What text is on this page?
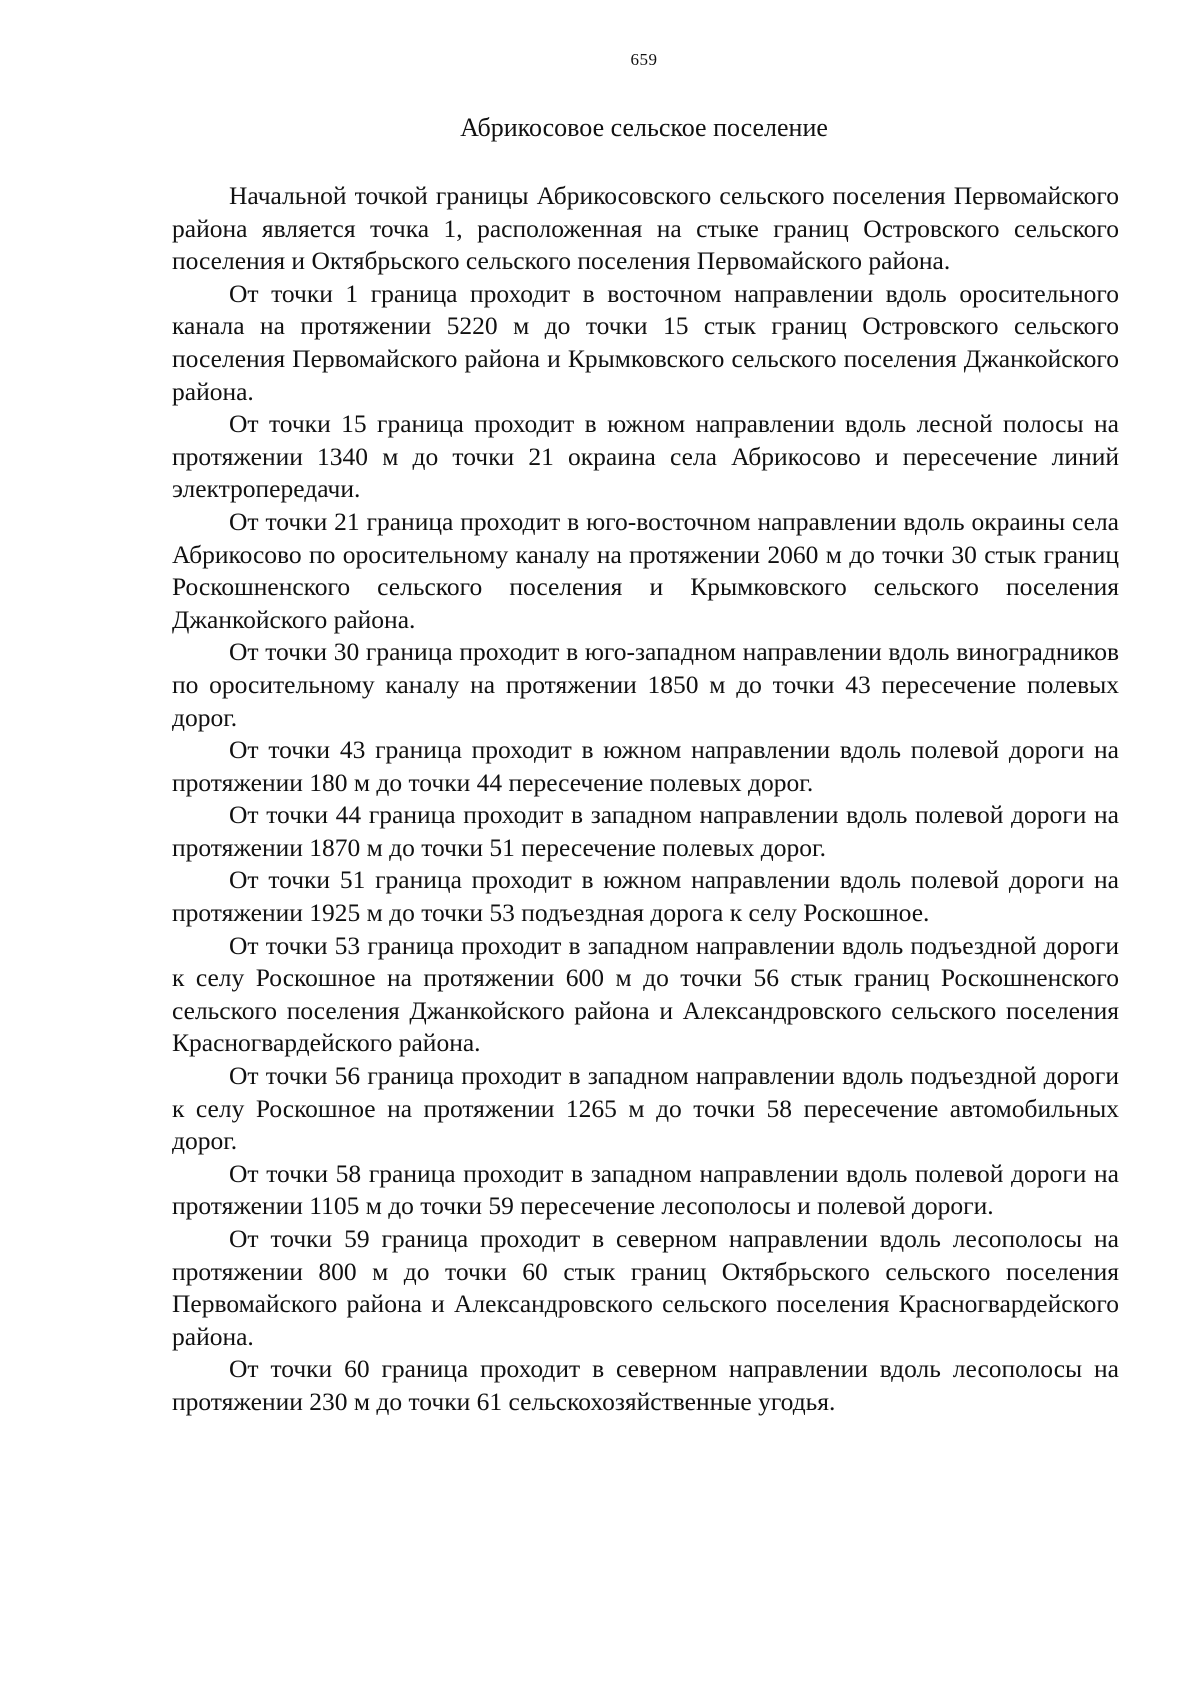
659
Абрикосовое сельское поселение

Начальной точкой границы Абрикосовского сельского поселения Первомайского района является точка 1, расположенная на стыке границ Островского сельского поселения и Октябрьского сельского поселения Первомайского района.

От точки 1 граница проходит в восточном направлении вдоль оросительного канала на протяжении 5220 м до точки 15 стык границ Островского сельского поселения Первомайского района и Крымковского сельского поселения Джанкойского района.

От точки 15 граница проходит в южном направлении вдоль лесной полосы на протяжении 1340 м до точки 21 окраина села Абрикосово и пересечение линий электропередачи.

От точки 21 граница проходит в юго-восточном направлении вдоль окраины села Абрикосово по оросительному каналу на протяжении 2060 м до точки 30 стык границ Роскошненского сельского поселения и Крымковского сельского поселения Джанкойского района.

От точки 30 граница проходит в юго-западном направлении вдоль виноградников по оросительному каналу на протяжении 1850 м до точки 43 пересечение полевых дорог.

От точки 43 граница проходит в южном направлении вдоль полевой дороги на протяжении 180 м до точки 44 пересечение полевых дорог.

От точки 44 граница проходит в западном направлении вдоль полевой дороги на протяжении 1870 м до точки 51 пересечение полевых дорог.

От точки 51 граница проходит в южном направлении вдоль полевой дороги на протяжении 1925 м до точки 53 подъездная дорога к селу Роскошное.

От точки 53 граница проходит в западном направлении вдоль подъездной дороги к селу Роскошное на протяжении 600 м до точки 56 стык границ Роскошненского сельского поселения Джанкойского района и Александровского сельского поселения Красногвардейского района.

От точки 56 граница проходит в западном направлении вдоль подъездной дороги к селу Роскошное на протяжении 1265 м до точки 58 пересечение автомобильных дорог.

От точки 58 граница проходит в западном направлении вдоль полевой дороги на протяжении 1105 м до точки 59 пересечение лесополосы и полевой дороги.

От точки 59 граница проходит в северном направлении вдоль лесополосы на протяжении 800 м до точки 60 стык границ Октябрьского сельского поселения Первомайского района и Александровского сельского поселения Красногвардейского района.

От точки 60 граница проходит в северном направлении вдоль лесополосы на протяжении 230 м до точки 61 сельскохозяйственные угодья.
